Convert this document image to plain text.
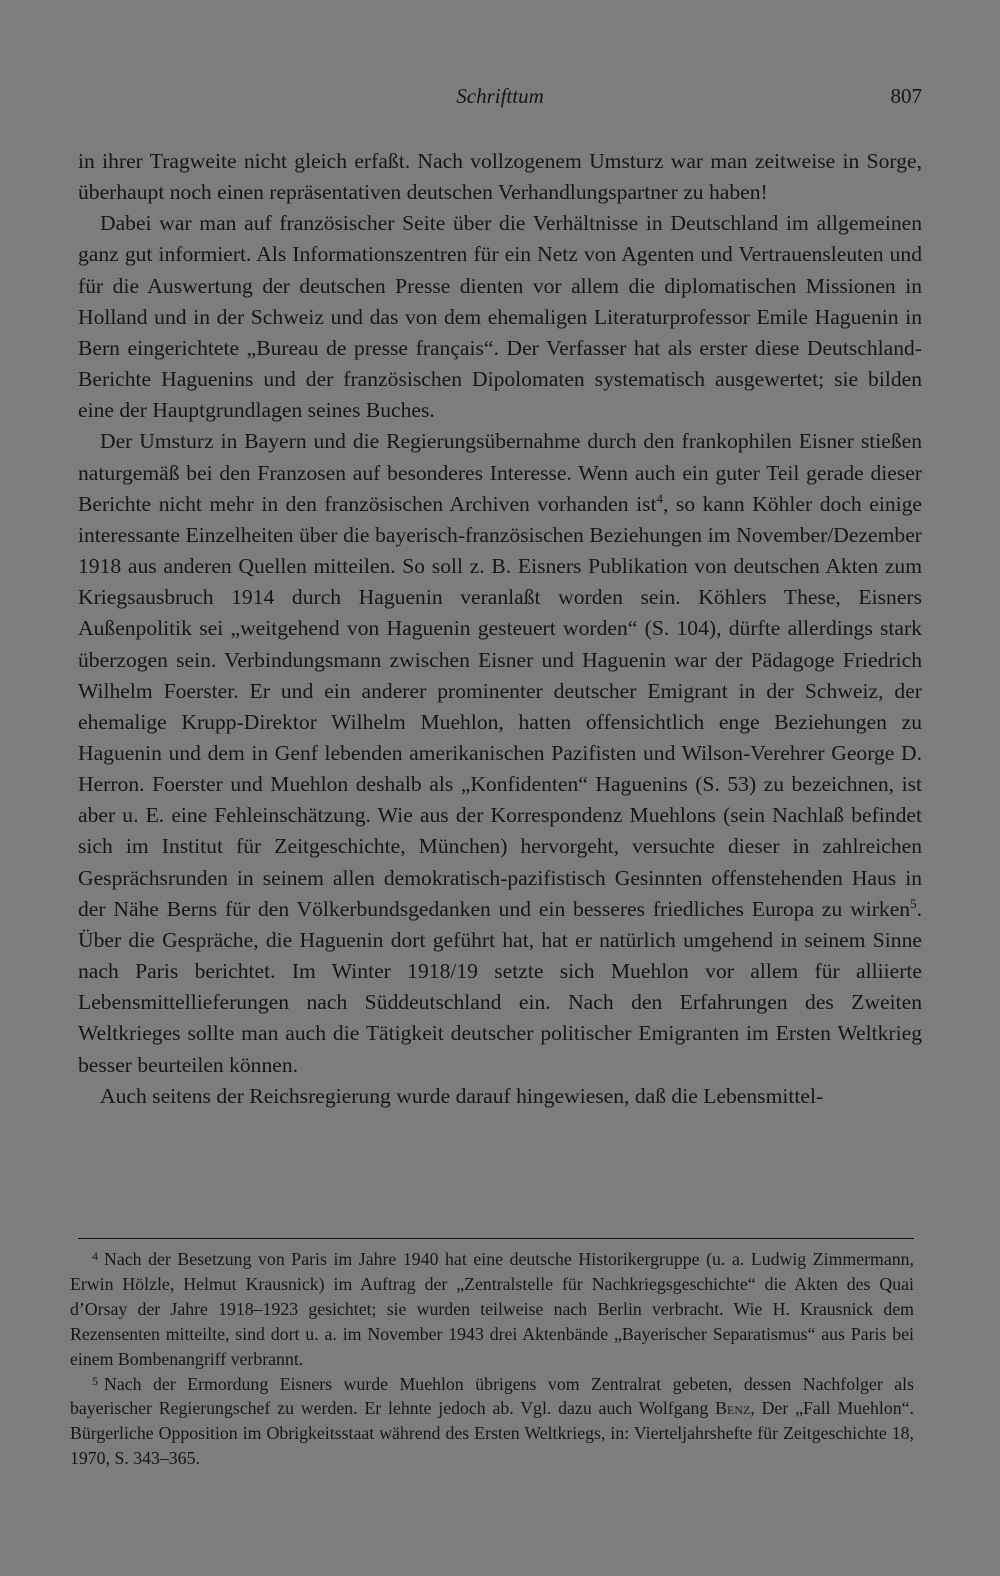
Schrifttum	807

in ihrer Tragweite nicht gleich erfaßt. Nach vollzogenem Umsturz war man zeitweise in Sorge, überhaupt noch einen repräsentativen deutschen Verhandlungspartner zu haben!

Dabei war man auf französischer Seite über die Verhältnisse in Deutschland im allgemeinen ganz gut informiert. Als Informationszentren für ein Netz von Agenten und Vertrauensleuten und für die Auswertung der deutschen Presse dienten vor allem die diplomatischen Missionen in Holland und in der Schweiz und das von dem ehemaligen Literaturprofessor Emile Haguenin in Bern eingerichtete „Bureau de presse français“. Der Verfasser hat als erster diese Deutschland-Berichte Haguenins und der französischen Dipolomaten systematisch ausgewertet; sie bilden eine der Hauptgrundlagen seines Buches.

Der Umsturz in Bayern und die Regierungsübernahme durch den frankophilen Eisner stießen naturgemäß bei den Franzosen auf besonderes Interesse. Wenn auch ein guter Teil gerade dieser Berichte nicht mehr in den französischen Archiven vorhanden ist$^4$, so kann Köhler doch einige interessante Einzelheiten über die bayerisch-französischen Beziehungen im November/Dezember 1918 aus anderen Quellen mitteilen. So soll z. B. Eisners Publikation von deutschen Akten zum Kriegsausbruch 1914 durch Haguenin veranlaßt worden sein. Köhlers These, Eisners Außenpolitik sei „weitgehend von Haguenin gesteuert worden“ (S. 104), dürfte allerdings stark überzogen sein. Verbindungsmann zwischen Eisner und Haguenin war der Pädagoge Friedrich Wilhelm Foerster. Er und ein anderer prominenter deutscher Emigrant in der Schweiz, der ehemalige Krupp-Direktor Wilhelm Muehlon, hatten offensichtlich enge Beziehungen zu Haguenin und dem in Genf lebenden amerikanischen Pazifisten und Wilson-Verehrer George D. Herron. Foerster und Muehlon deshalb als „Konfidenten“ Haguenins (S. 53) zu bezeichnen, ist aber u. E. eine Fehleinschätzung. Wie aus der Korrespondenz Muehlons (sein Nachlaß befindet sich im Institut für Zeitgeschichte, München) hervorgeht, versuchte dieser in zahlreichen Gesprächsrunden in seinem allen demokratisch-pazifistisch Gesinnten offenstehenden Haus in der Nähe Berns für den Völkerbundsgedanken und ein besseres friedliches Europa zu wirken$^5$. Über die Gespräche, die Haguenin dort geführt hat, hat er natürlich umgehend in seinem Sinne nach Paris berichtet. Im Winter 1918/19 setzte sich Muehlon vor allem für alliierte Lebensmittellieferungen nach Süddeutschland ein. Nach den Erfahrungen des Zweiten Weltkrieges sollte man auch die Tätigkeit deutscher politischer Emigranten im Ersten Weltkrieg besser beurteilen können.

Auch seitens der Reichsregierung wurde darauf hingewiesen, daß die Lebensmittel-

$^4$ Nach der Besetzung von Paris im Jahre 1940 hat eine deutsche Historikergruppe (u. a. Ludwig Zimmermann, Erwin Hölzle, Helmut Krausnick) im Auftrag der „Zentralstelle für Nachkriegsgeschichte“ die Akten des Quai d’Orsay der Jahre 1918–1923 gesichtet; sie wurden teilweise nach Berlin verbracht. Wie H. Krausnick dem Rezensenten mitteilte, sind dort u. a. im November 1943 drei Aktenbände „Bayerischer Separatismus“ aus Paris bei einem Bombenangriff verbrannt.

$^5$ Nach der Ermordung Eisners wurde Muehlon übrigens vom Zentralrat gebeten, dessen Nachfolger als bayerischer Regierungschef zu werden. Er lehnte jedoch ab. Vgl. dazu auch Wolfgang Benz, Der „Fall Muehlon“. Bürgerliche Opposition im Obrigkeitsstaat während des Ersten Weltkriegs, in: Vierteljahrshefte für Zeitgeschichte 18, 1970, S. 343–365.
